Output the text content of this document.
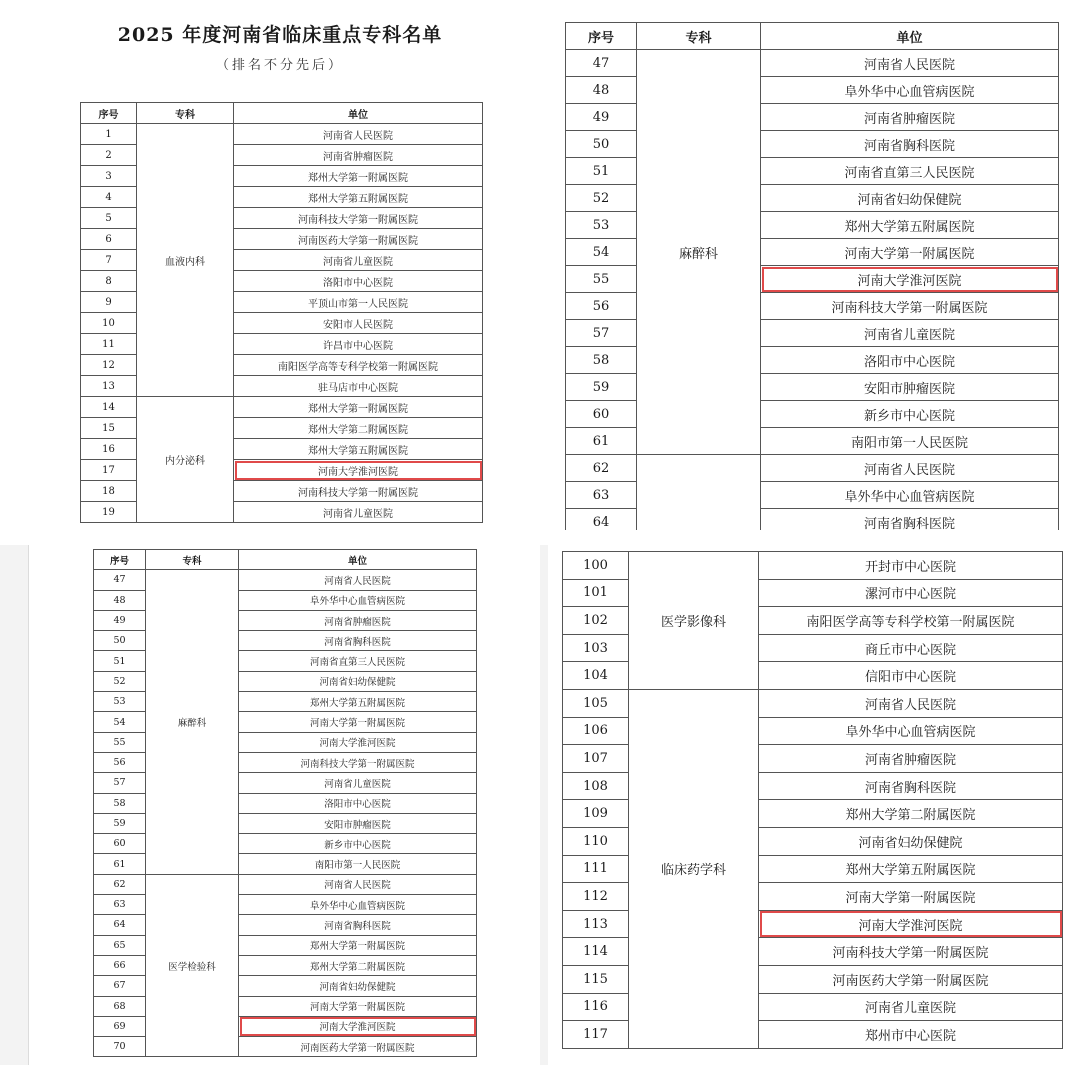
2025 年度河南省临床重点专科名单
（排名不分先后）
序号	专科	单位
1	血液内科	河南省人民医院
2		河南省肿瘤医院
3		郑州大学第一附属医院
4		郑州大学第五附属医院
5		河南科技大学第一附属医院
6		河南医药大学第一附属医院
7		河南省儿童医院
8		洛阳市中心医院
9		平顶山市第一人民医院
10		安阳市人民医院
11		许昌市中心医院
12		南阳医学高等专科学校第一附属医院
13		驻马店市中心医院
14	内分泌科	郑州大学第一附属医院
15		郑州大学第二附属医院
16		郑州大学第五附属医院
17		河南大学淮河医院
18		河南科技大学第一附属医院
19		河南省儿童医院
序号	专科	单位
47	麻醉科	河南省人民医院
48		阜外华中心血管病医院
49		河南省肿瘤医院
50		河南省胸科医院
51		河南省直第三人民医院
52		河南省妇幼保健院
53		郑州大学第五附属医院
54		河南大学第一附属医院
55		河南大学淮河医院
56		河南科技大学第一附属医院
57		河南省儿童医院
58		洛阳市中心医院
59		安阳市肿瘤医院
60		新乡市中心医院
61		南阳市第一人民医院
62		河南省人民医院
63		阜外华中心血管病医院
64		河南省胸科医院
序号	专科	单位
47	麻醉科	河南省人民医院
48		阜外华中心血管病医院
49		河南省肿瘤医院
50		河南省胸科医院
51		河南省直第三人民医院
52		河南省妇幼保健院
53		郑州大学第五附属医院
54		河南大学第一附属医院
55		河南大学淮河医院
56		河南科技大学第一附属医院
57		河南省儿童医院
58		洛阳市中心医院
59		安阳市肿瘤医院
60		新乡市中心医院
61		南阳市第一人民医院
62	医学检验科	河南省人民医院
63		阜外华中心血管病医院
64		河南省胸科医院
65		郑州大学第一附属医院
66		郑州大学第二附属医院
67		河南省妇幼保健院
68		河南大学第一附属医院
69		河南大学淮河医院
70		河南医药大学第一附属医院
100	医学影像科	开封市中心医院
101		漯河市中心医院
102		南阳医学高等专科学校第一附属医院
103		商丘市中心医院
104		信阳市中心医院
105	临床药学科	河南省人民医院
106		阜外华中心血管病医院
107		河南省肿瘤医院
108		河南省胸科医院
109		郑州大学第二附属医院
110		河南省妇幼保健院
111		郑州大学第五附属医院
112		河南大学第一附属医院
113		河南大学淮河医院
114		河南科技大学第一附属医院
115		河南医药大学第一附属医院
116		河南省儿童医院
117		郑州市中心医院
